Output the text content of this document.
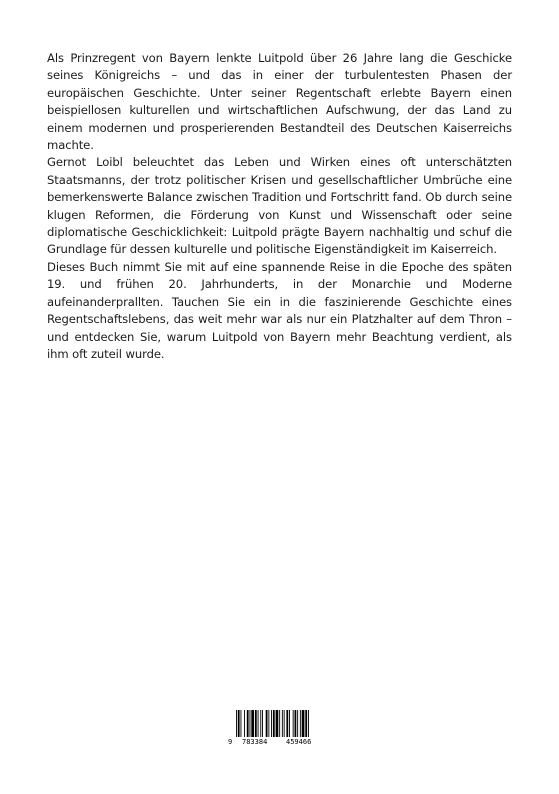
Als Prinzregent von Bayern lenkte Luitpold über 26 Jahre lang die Geschicke seines Königreichs – und das in einer der turbulentesten Phasen der europäischen Geschichte. Unter seiner Regentschaft erlebte Bayern einen beispiellosen kulturellen und wirtschaftlichen Aufschwung, der das Land zu einem modernen und prosperierenden Bestandteil des Deutschen Kaiserreichs machte.

Gernot Loibl beleuchtet das Leben und Wirken eines oft unterschätzten Staatsmanns, der trotz politischer Krisen und gesellschaftlicher Umbrüche eine bemerkenswerte Balance zwischen Tradition und Fortschritt fand. Ob durch seine klugen Reformen, die Förderung von Kunst und Wissenschaft oder seine diplomatische Geschicklichkeit: Luitpold prägte Bayern nachhaltig und schuf die Grundlage für dessen kulturelle und politische Eigenständigkeit im Kaiserreich.

Dieses Buch nimmt Sie mit auf eine spannende Reise in die Epoche des späten 19. und frühen 20. Jahrhunderts, in der Monarchie und Moderne aufeinanderprallten. Tauchen Sie ein in die faszinierende Geschichte eines Regentschaftslebens, das weit mehr war als nur ein Platzhalter auf dem Thron – und entdecken Sie, warum Luitpold von Bayern mehr Beachtung verdient, als ihm oft zuteil wurde.

9 783384	459466
